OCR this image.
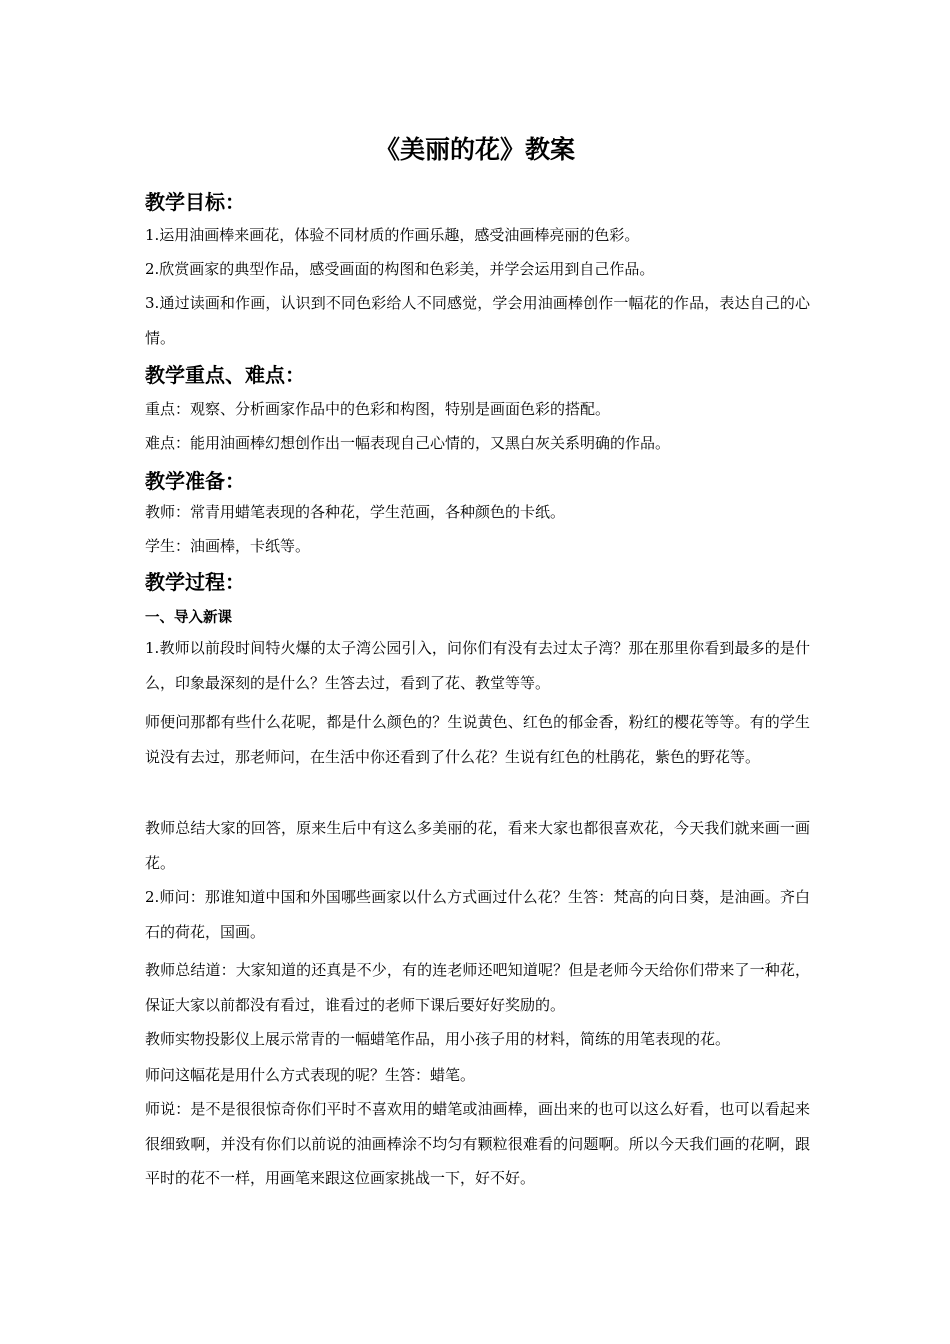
《美丽的花》教案
教学目标：

1.运用油画棒来画花，体验不同材质的作画乐趣，感受油画棒亮丽的色彩。

2.欣赏画家的典型作品，感受画面的构图和色彩美，并学会运用到自己作品。

3.通过读画和作画，认识到不同色彩给人不同感觉，学会用油画棒创作一幅花的作品，表达自己的心情。

教学重点、难点：

重点：观察、分析画家作品中的色彩和构图，特别是画面色彩的搭配。

难点：能用油画棒幻想创作出一幅表现自己心情的，又黑白灰关系明确的作品。

教学准备：

教师：常青用蜡笔表现的各种花，学生范画，各种颜色的卡纸。

学生：油画棒，卡纸等。

教学过程：
一、导入新课

1.教师以前段时间特火爆的太子湾公园引入，问你们有没有去过太子湾？那在那里你看到最多的是什么，印象最深刻的是什么？生答去过，看到了花、教堂等等。

师便问那都有些什么花呢，都是什么颜色的？生说黄色、红色的郁金香，粉红的樱花等等。有的学生说没有去过，那老师问，在生活中你还看到了什么花？生说有红色的杜鹃花，紫色的野花等。

教师总结大家的回答，原来生后中有这么多美丽的花，看来大家也都很喜欢花，今天我们就来画一画花。

2.师问：那谁知道中国和外国哪些画家以什么方式画过什么花？生答：梵高的向日葵，是油画。齐白石的荷花，国画。

教师总结道：大家知道的还真是不少，有的连老师还吧知道呢？但是老师今天给你们带来了一种花，保证大家以前都没有看过，谁看过的老师下课后要好好奖励的。

教师实物投影仪上展示常青的一幅蜡笔作品，用小孩子用的材料，简练的用笔表现的花。

师问这幅花是用什么方式表现的呢？生答：蜡笔。

师说：是不是很很惊奇你们平时不喜欢用的蜡笔或油画棒，画出来的也可以这么好看，也可以看起来很细致啊，并没有你们以前说的油画棒涂不均匀有颗粒很难看的问题啊。所以今天我们画的花啊，跟平时的花不一样，用画笔来跟这位画家挑战一下，好不好。
